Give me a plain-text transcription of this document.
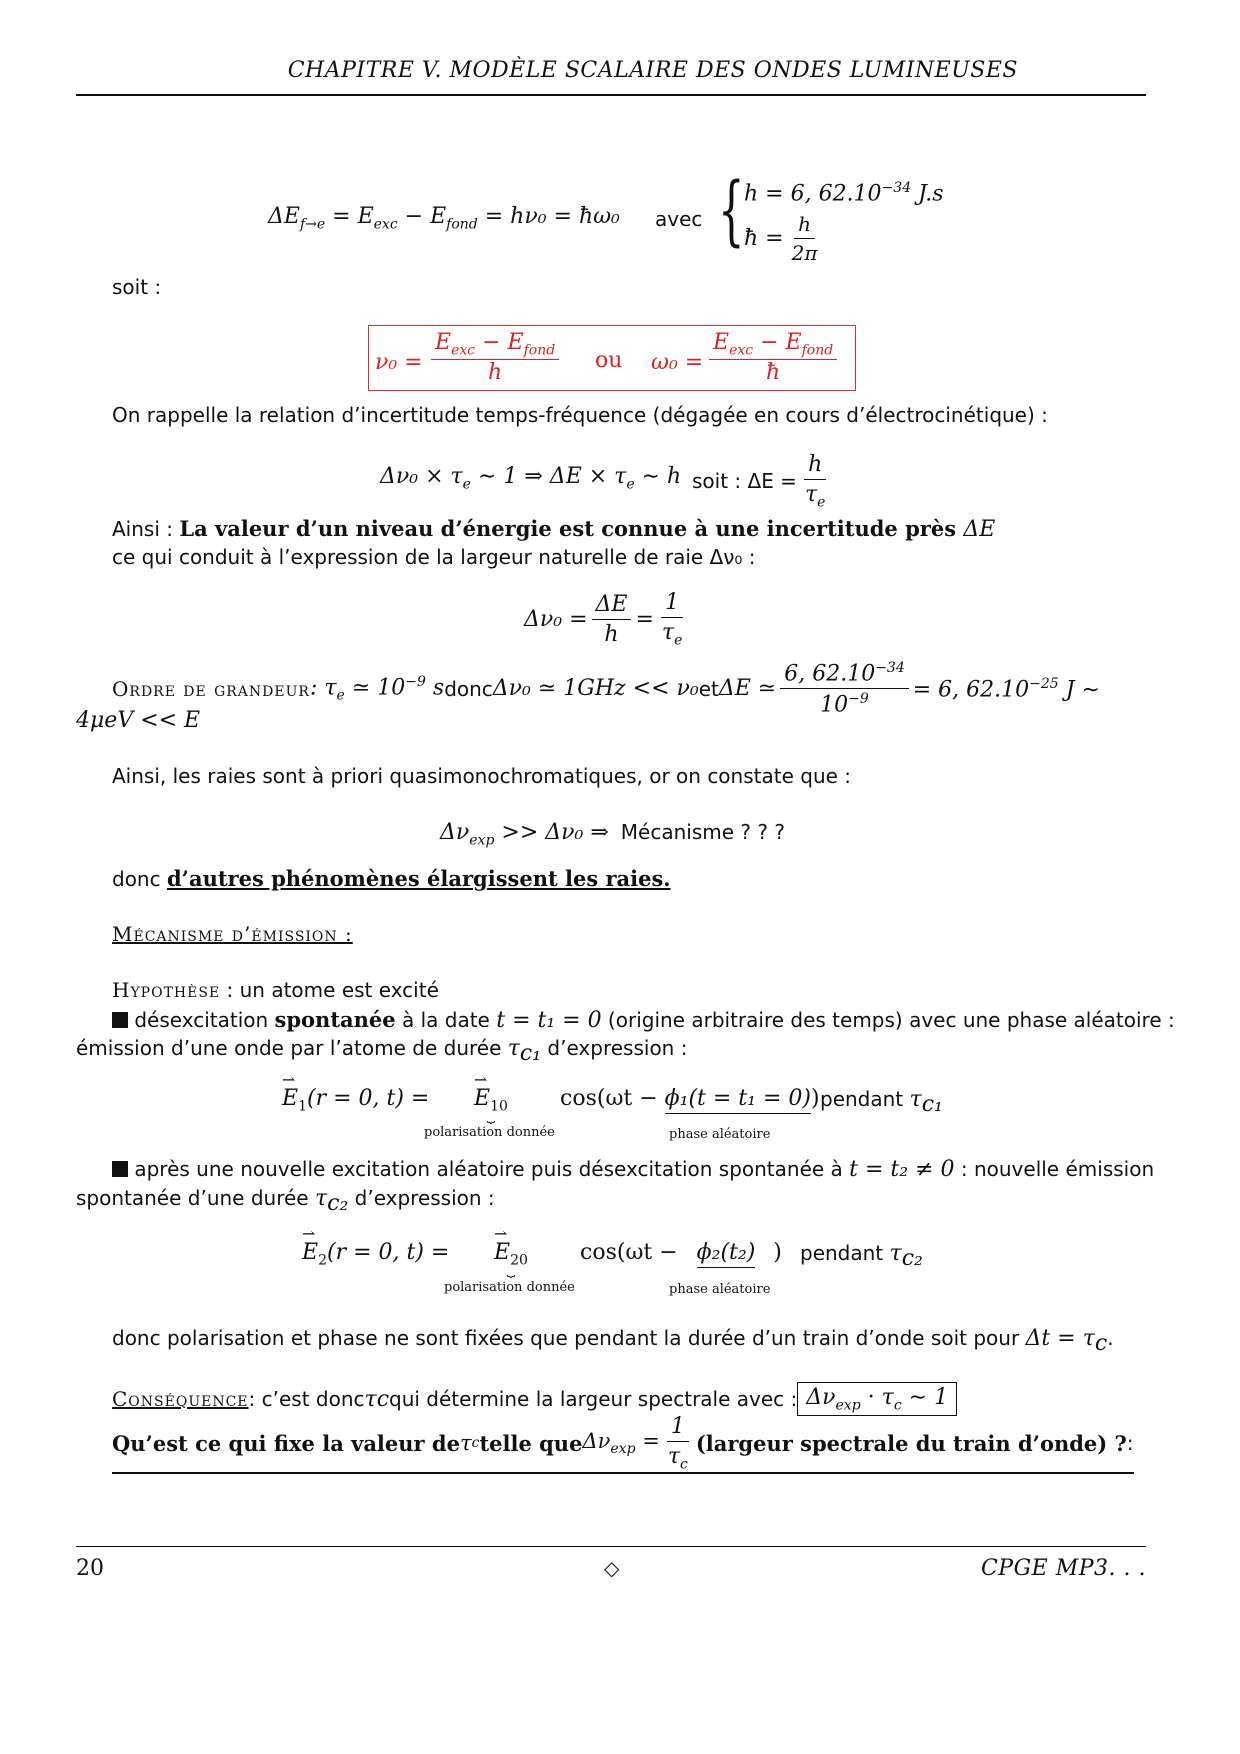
CHAPITRE V. MODÈLE SCALAIRE DES ONDES LUMINEUSES
$\Delta E_{f\to e} = E_{exc} - E_{fond} = h\nu_0$ = ħω₀ avec { h = 6, $62.10^{-34}$ J.s
ħ = $\frac{h}{2\pi}$
soit :
ν₀ =
$E_{exc} - E_{fond}$
h	ou ω₀ =
$E_{exc} - E_{fond}$
ħ
On rappelle la relation d’incertitude temps-fréquence (dégagée en cours d’électrocinétique) :
$\Delta\nu_0 \times \tau_e$ ∼ 1 ⇒ $\Delta E \times \tau_e$ ∼ h soit : $\Delta E = \frac{h}{\tau_e}$
Ainsi : La valeur d’un niveau d’énergie est connue à une incertitude près ΔE
ce qui conduit à l’expression de la largeur naturelle de raie Δν₀ :
$\Delta\nu_0 = \frac{\Delta E}{h} = \frac{1}{\tau_e}$
Ordre de grandeur : $\tau_e$ ≃ $10^{-9}$ s donc Δν₀ ≃ 1GHz << ν₀ et ΔE ≃ $\frac{6, 62.10^{-34}}{10^{-9}} = 6$, $62.10^{-25}$ J ∼
4μeV << E
Ainsi, les raies sont à priori quasimonochromatiques, or on constate que :
$\Delta\nu_{exp} >> \Delta\nu_0$ ⇒ Mécanisme ? ? ?
donc d’autres phénomènes élargissent les raies.
Mécanisme d’émission :
Hypothèse : un atome est excité
désexcitation spontanée à la date t = t₁ = 0 (origine arbitraire des temps) avec une phase aléatoire :
émission d’une onde par l’atome de durée $\tau_{c_1}$ d’expression :
⇀
$E_1(r = 0$, t) =
⇀
$E_{10}$
⏟
polarisation donnée
cos(ωt − ϕ₁(t = t₁ = 0)
)
phase aléatoire
pendant $\tau_{c_1}$
après une nouvelle excitation aléatoire puis désexcitation spontanée à t = t₂ ≠ 0 : nouvelle émission
spontanée d’une durée $\tau_{c_2}$ d’expression :
⇀
$E_2(r = 0$, t) =
⇀
$E_{20}$
⏟
polarisation donnée
cos(ωt − ϕ₂(t₂) )
phase aléatoire
pendant $\tau_{c_2}$
donc polarisation et phase ne sont fixées que pendant la durée d’un train d’onde soit pour $\Delta t = \tau_c$.
Conséquence : c’est donc τ c qui détermine la largeur spectrale avec : $\Delta\nu_{exp} \cdot \tau_c$ ∼ 1
Qu’est ce qui fixe la valeur de τ c telle que $\Delta\nu_{exp} = \frac{1}{\tau_c}$ (largeur spectrale du train d’onde) ? :
20	◇	CPGE MP3. . .
